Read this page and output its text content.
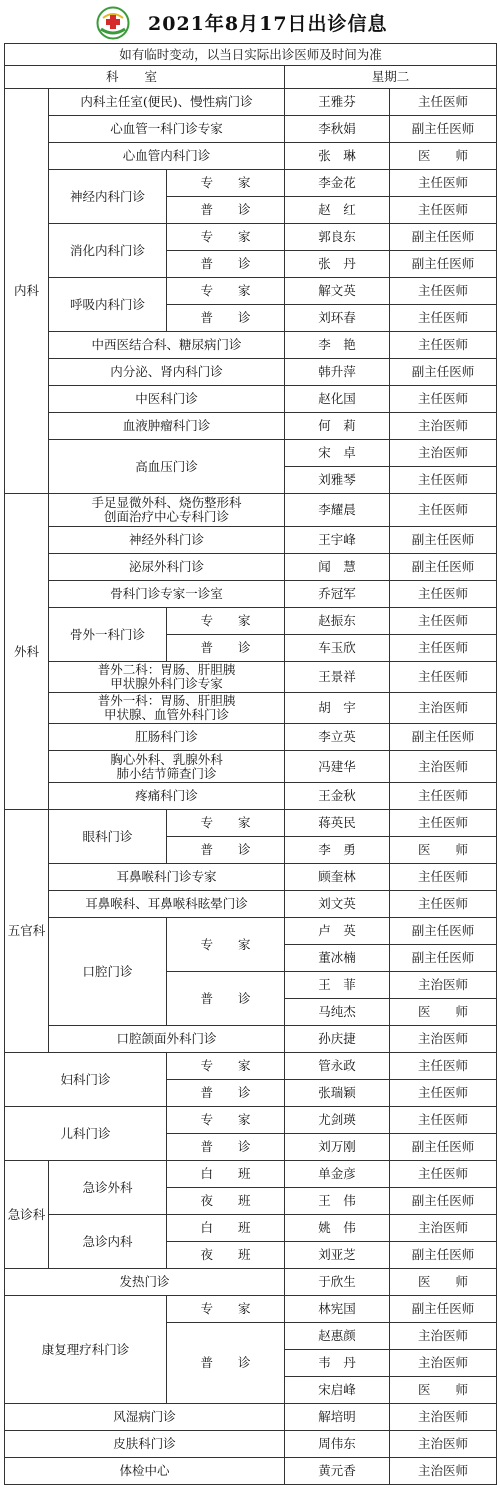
2021年8月17日出诊信息
如有临时变动，以当日实际出诊医师及时间为准				
科室			星期二	
内科	内科主任室(便民)、慢性病门诊		王雅芬	主任医师
	心血管一科门诊专家		李秋娟	副主任医师
	心血管内科门诊		张　琳	医　　师
	神经内科门诊	专　　家	李金花	主任医师
		普　　诊	赵　红	主任医师
	消化内科门诊	专　　家	郭良东	副主任医师
		普　　诊	张　丹	副主任医师
	呼吸内科门诊	专　　家	解文英	主任医师
		普　　诊	刘环春	主任医师
	中西医结合科、糖尿病门诊		李　艳	主任医师
	内分泌、肾内科门诊		韩升萍	副主任医师
	中医科门诊		赵化国	主任医师
	血液肿瘤科门诊		何　莉	主治医师
	高血压门诊		宋　卓	主治医师
			刘雅琴	主任医师
外科	手足显微外科、烧伤整形科
创面治疗中心专科门诊		李耀晨	主任医师
	神经外科门诊		王宇峰	副主任医师
	泌尿外科门诊		闻　慧	副主任医师
	骨科门诊专家一诊室		乔冠军	主任医师
	骨外一科门诊	专　　家	赵振东	主任医师
		普　　诊	车玉欣	主任医师
	普外二科：胃肠、肝胆胰
甲状腺外科门诊专家		王景祥	主任医师
	普外一科：胃肠、肝胆胰
甲状腺、血管外科门诊		胡　宇	主治医师
	肛肠科门诊		李立英	副主任医师
	胸心外科、乳腺外科
肺小结节筛查门诊		冯建华	主治医师
	疼痛科门诊		王金秋	主任医师
五官科	眼科门诊	专　　家	蒋英民	主任医师
		普　　诊	李　勇	医　　师
	耳鼻喉科门诊专家		顾奎林	主任医师
	耳鼻喉科、耳鼻喉科眩晕门诊		刘文英	主任医师
	口腔门诊	专　　家	卢　英	副主任医师
			董冰楠	副主任医师
		普　　诊	王　菲	主治医师
			马纯杰	医　　师
	口腔颌面外科门诊		孙庆捷	主治医师
妇科门诊		专　　家	管永政	主任医师
		普　　诊	张瑞颖	主任医师
儿科门诊		专　　家	尤剑瑛	主任医师
		普　　诊	刘万刚	副主任医师
急诊科	急诊外科	白　　班	单金彦	主任医师
		夜　　班	王　伟	副主任医师
	急诊内科	白　　班	姚　伟	主治医师
		夜　　班	刘亚芝	副主任医师
发热门诊			于欣生	医　　师
康复理疗科门诊		专　　家	林宪国	副主任医师
		普　　诊	赵惠颜	主治医师
			韦　丹	主治医师
			宋启峰	医　　师
风湿病门诊			解培明	主治医师
皮肤科门诊			周伟东	主治医师
体检中心			黄元香	主治医师
